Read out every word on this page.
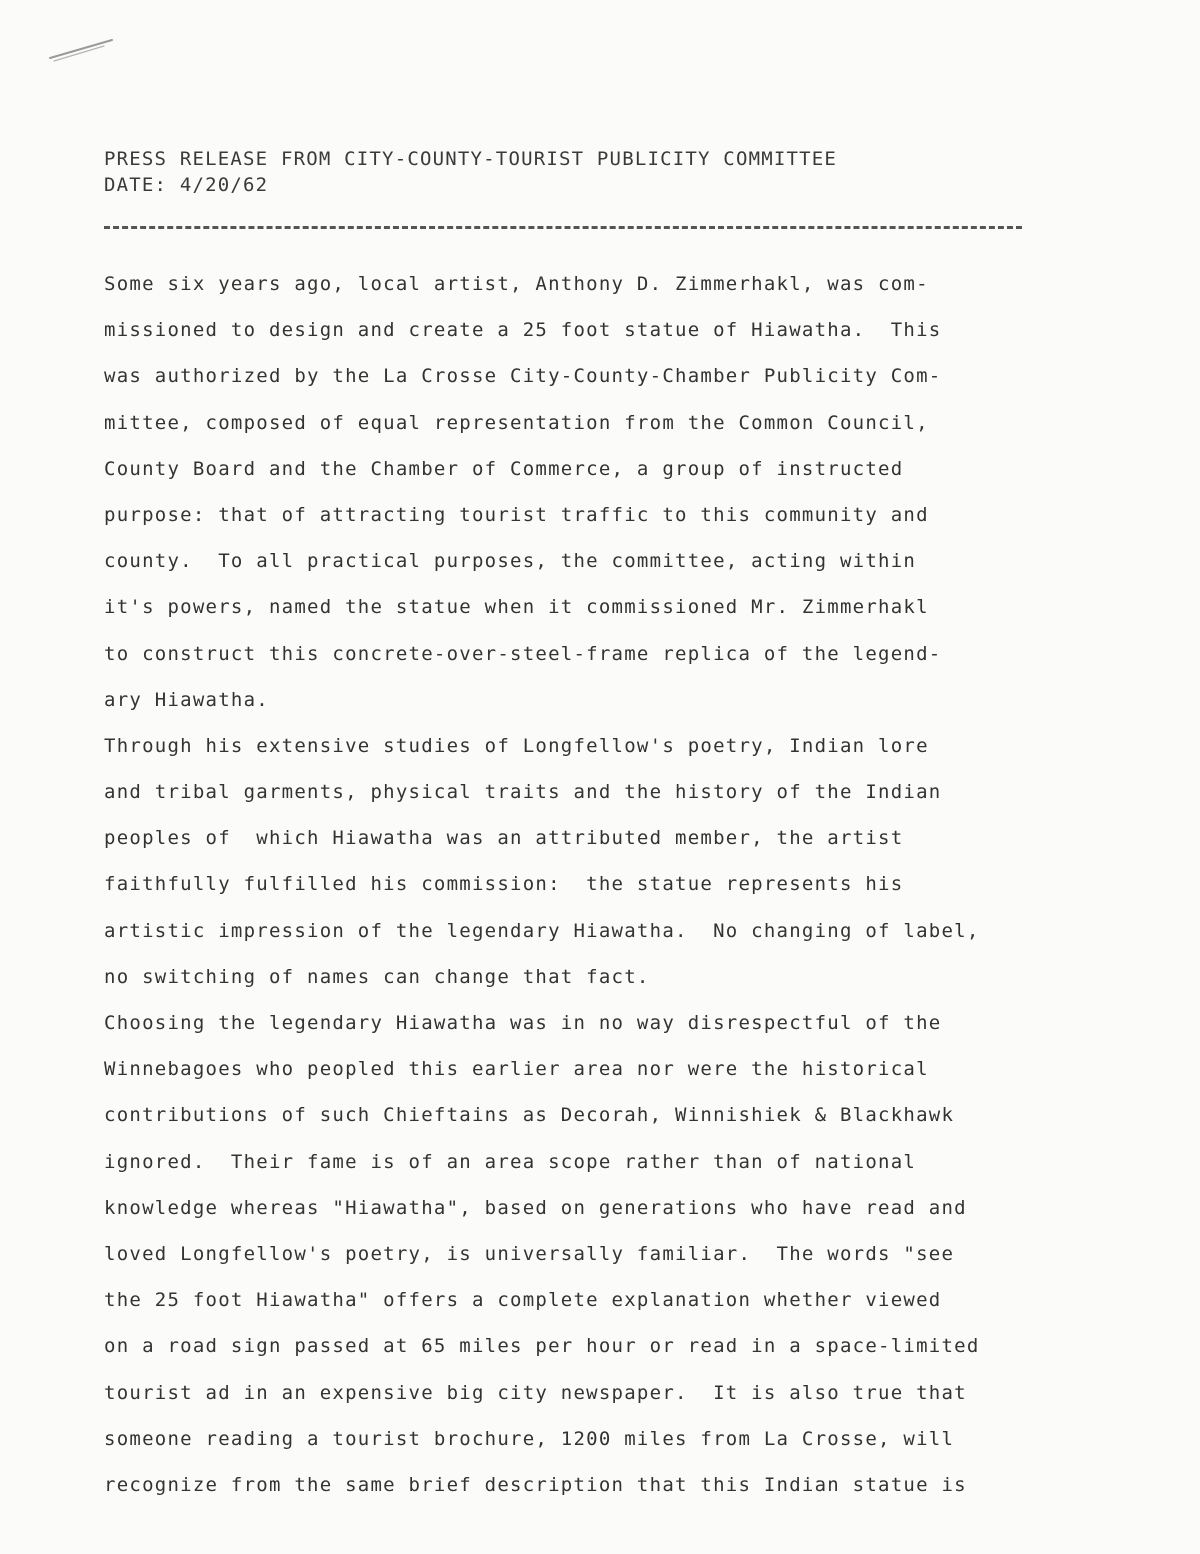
PRESS RELEASE FROM CITY-COUNTY-TOURIST PUBLICITY COMMITTEE
DATE: 4/20/62
Some six years ago, local artist, Anthony D. Zimmerhakl, was com-
missioned to design and create a 25 foot statue of Hiawatha.  This
was authorized by the La Crosse City-County-Chamber Publicity Com-
mittee, composed of equal representation from the Common Council,
County Board and the Chamber of Commerce, a group of instructed
purpose: that of attracting tourist traffic to this community and
county.  To all practical purposes, the committee, acting within
it's powers, named the statue when it commissioned Mr. Zimmerhakl
to construct this concrete-over-steel-frame replica of the legend-
ary Hiawatha.
Through his extensive studies of Longfellow's poetry, Indian lore
and tribal garments, physical traits and the history of the Indian
peoples of  which Hiawatha was an attributed member, the artist
faithfully fulfilled his commission:  the statue represents his
artistic impression of the legendary Hiawatha.  No changing of label,
no switching of names can change that fact.
Choosing the legendary Hiawatha was in no way disrespectful of the
Winnebagoes who peopled this earlier area nor were the historical
contributions of such Chieftains as Decorah, Winnishiek & Blackhawk
ignored.  Their fame is of an area scope rather than of national
knowledge whereas "Hiawatha", based on generations who have read and
loved Longfellow's poetry, is universally familiar.  The words "see
the 25 foot Hiawatha" offers a complete explanation whether viewed
on a road sign passed at 65 miles per hour or read in a space-limited
tourist ad in an expensive big city newspaper.  It is also true that
someone reading a tourist brochure, 1200 miles from La Crosse, will
recognize from the same brief description that this Indian statue is
